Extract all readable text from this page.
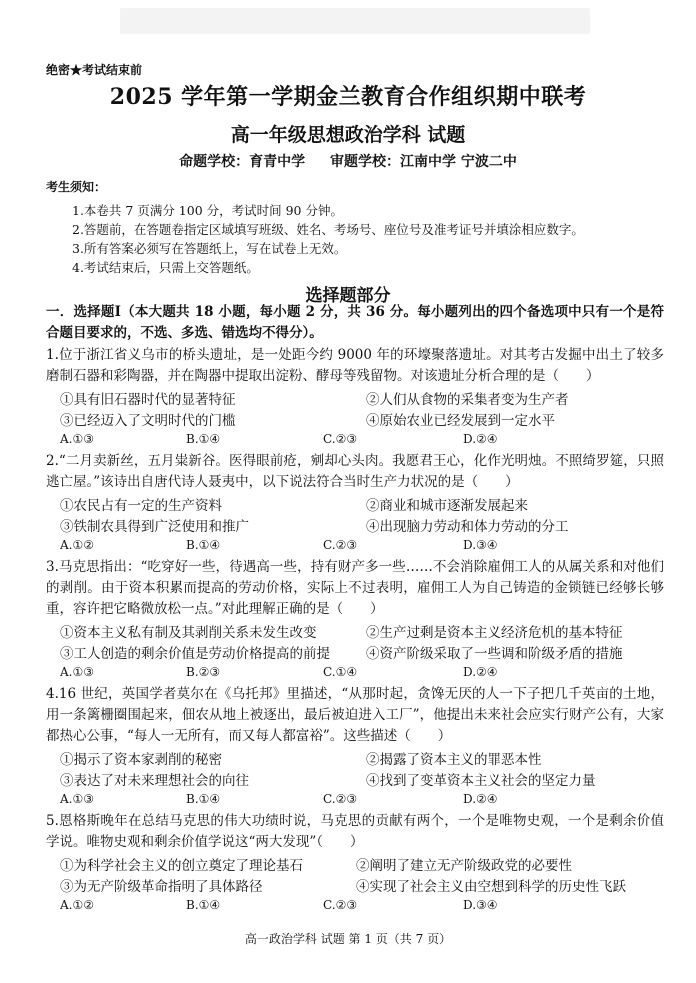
绝密★考试结束前
2025 学年第一学期金兰教育合作组织期中联考
高一年级思想政治学科 试题
命题学校：育青中学 审题学校：江南中学 宁波二中
考生须知：
1.本卷共 7 页满分 100 分，考试时间 90 分钟。
2.答题前，在答题卷指定区域填写班级、姓名、考场号、座位号及准考证号并填涂相应数字。
3.所有答案必须写在答题纸上，写在试卷上无效。
4.考试结束后，只需上交答题纸。
选择题部分
一．选择题Ⅰ（本大题共 18 小题，每小题 2 分，共 36 分。每小题列出的四个备选项中只有一个是符合题目要求的，不选、多选、错选均不得分）。
1.位于浙江省义乌市的桥头遗址，是一处距今约 9000 年的环壕聚落遗址。对其考古发掘中出土了较多磨制石器和彩陶器，并在陶器中提取出淀粉、酵母等残留物。对该遗址分析合理的是（　　）
①具有旧石器时代的显著特征	②人们从食物的采集者变为生产者
③已经迈入了文明时代的门槛	④原始农业已经发展到一定水平
A.①③	B.①④	C.②③	D.②④
2.“二月卖新丝，五月粜新谷。医得眼前疮，剜却心头肉。我愿君王心，化作光明烛。不照绮罗筵，只照逃亡屋。”该诗出自唐代诗人聂夷中，以下说法符合当时生产力状况的是（　　）
①农民占有一定的生产资料	②商业和城市逐渐发展起来
③铁制农具得到广泛使用和推广	④出现脑力劳动和体力劳动的分工
A.①②	B.①④	C.②③	D.③④
3.马克思指出：“吃穿好一些，待遇高一些，持有财产多一些……不会消除雇佣工人的从属关系和对他们的剥削。由于资本积累而提高的劳动价格，实际上不过表明，雇佣工人为自己铸造的金锁链已经够长够重，容许把它略微放松一点。”对此理解正确的是（　　）
①资本主义私有制及其剥削关系未发生改变	②生产过剩是资本主义经济危机的基本特征
③工人创造的剩余价值是劳动价格提高的前提	④资产阶级采取了一些调和阶级矛盾的措施
A.①③	B.②③	C.①④	D.②④
4.16 世纪，英国学者莫尔在《乌托邦》里描述，“从那时起，贪馋无厌的人一下子把几千英亩的土地，用一条篱栅圈围起来，佃农从地上被逐出，最后被迫进入工厂”，他提出未来社会应实行财产公有，大家都热心公事，“每人一无所有，而又每人都富裕”。这些描述（　　）
①揭示了资本家剥削的秘密	②揭露了资本主义的罪恶本性
③表达了对未来理想社会的向往	④找到了变革资本主义社会的坚定力量
A.①③	B.①④	C.②③	D.②④
5.恩格斯晚年在总结马克思的伟大功绩时说，马克思的贡献有两个，一个是唯物史观，一个是剩余价值学说。唯物史观和剩余价值学说这“两大发现”（　　）
①为科学社会主义的创立奠定了理论基石	②阐明了建立无产阶级政党的必要性
③为无产阶级革命指明了具体路径	④实现了社会主义由空想到科学的历史性飞跃
A.①②	B.①④	C.②③	D.③④
高一政治学科 试题 第 1 页（共 7 页）
